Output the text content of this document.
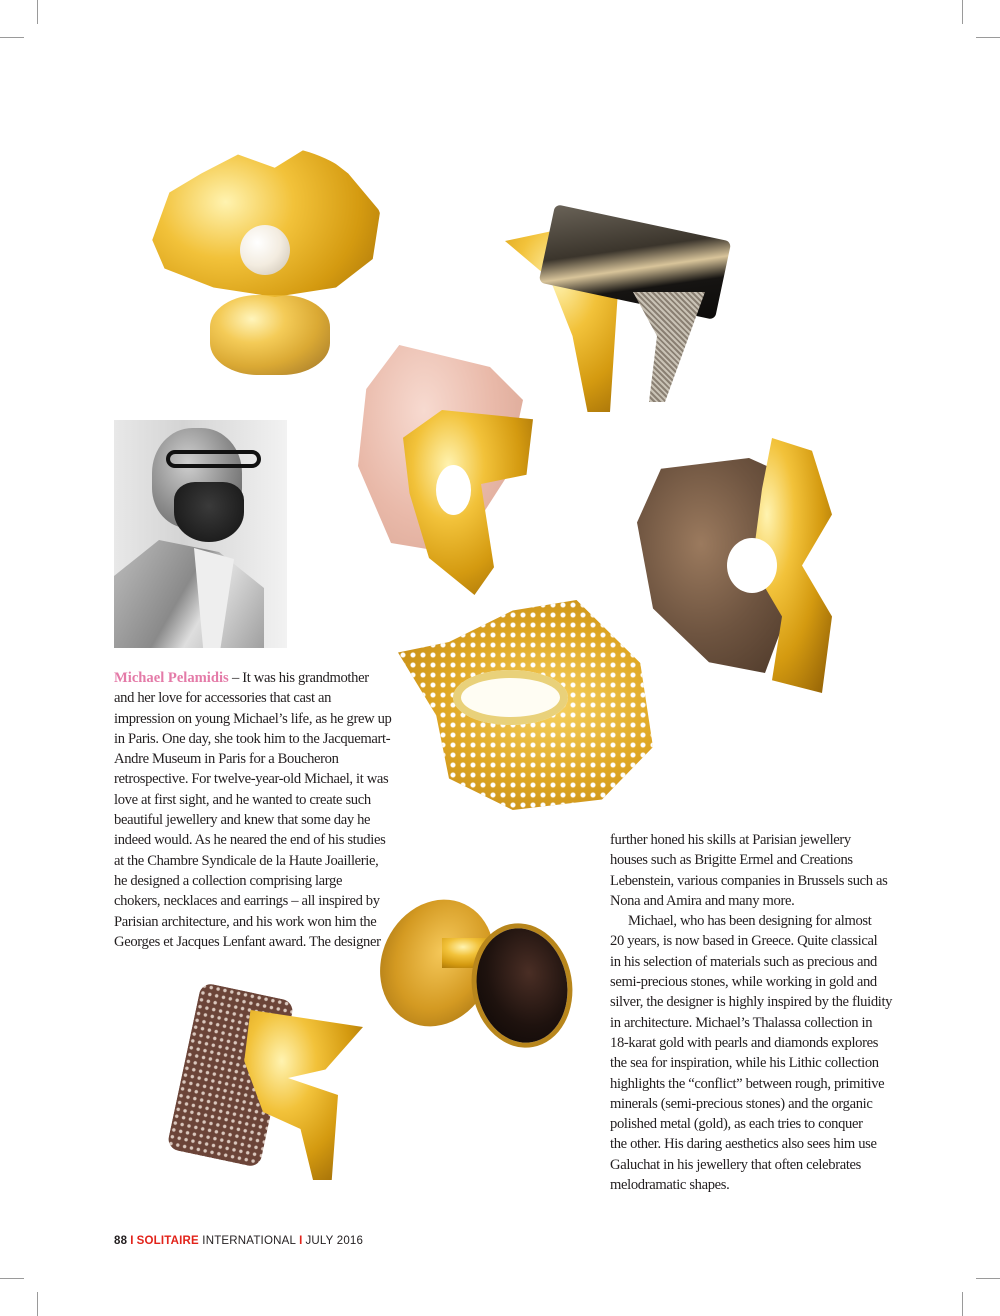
Michael Pelamidis – It was his grandmother
and her love for accessories that cast an
impression on young Michael’s life, as he grew up
in Paris. One day, she took him to the Jacquemart-
Andre Museum in Paris for a Boucheron
retrospective. For twelve-year-old Michael, it was
love at first sight, and he wanted to create such
beautiful jewellery and knew that some day he
indeed would. As he neared the end of his studies
at the Chambre Syndicale de la Haute Joaillerie,
he designed a collection comprising large
chokers, necklaces and earrings – all inspired by
Parisian architecture, and his work won him the
Georges et Jacques Lenfant award. The designer
further honed his skills at Parisian jewellery
houses such as Brigitte Ermel and Creations
Lebenstein, various companies in Brussels such as
Nona and Amira and many more.
Michael, who has been designing for almost
20 years, is now based in Greece. Quite classical
in his selection of materials such as precious and
semi-precious stones, while working in gold and
silver, the designer is highly inspired by the fluidity
in architecture. Michael’s Thalassa collection in
18-karat gold with pearls and diamonds explores
the sea for inspiration, while his Lithic collection
highlights the “conflict” between rough, primitive
minerals (semi-precious stones) and the organic
polished metal (gold), as each tries to conquer
the other. His daring aesthetics also sees him use
Galuchat in his jewellery that often celebrates
melodramatic shapes.
88 I SOLITAIRE INTERNATIONAL I JULY 2016
